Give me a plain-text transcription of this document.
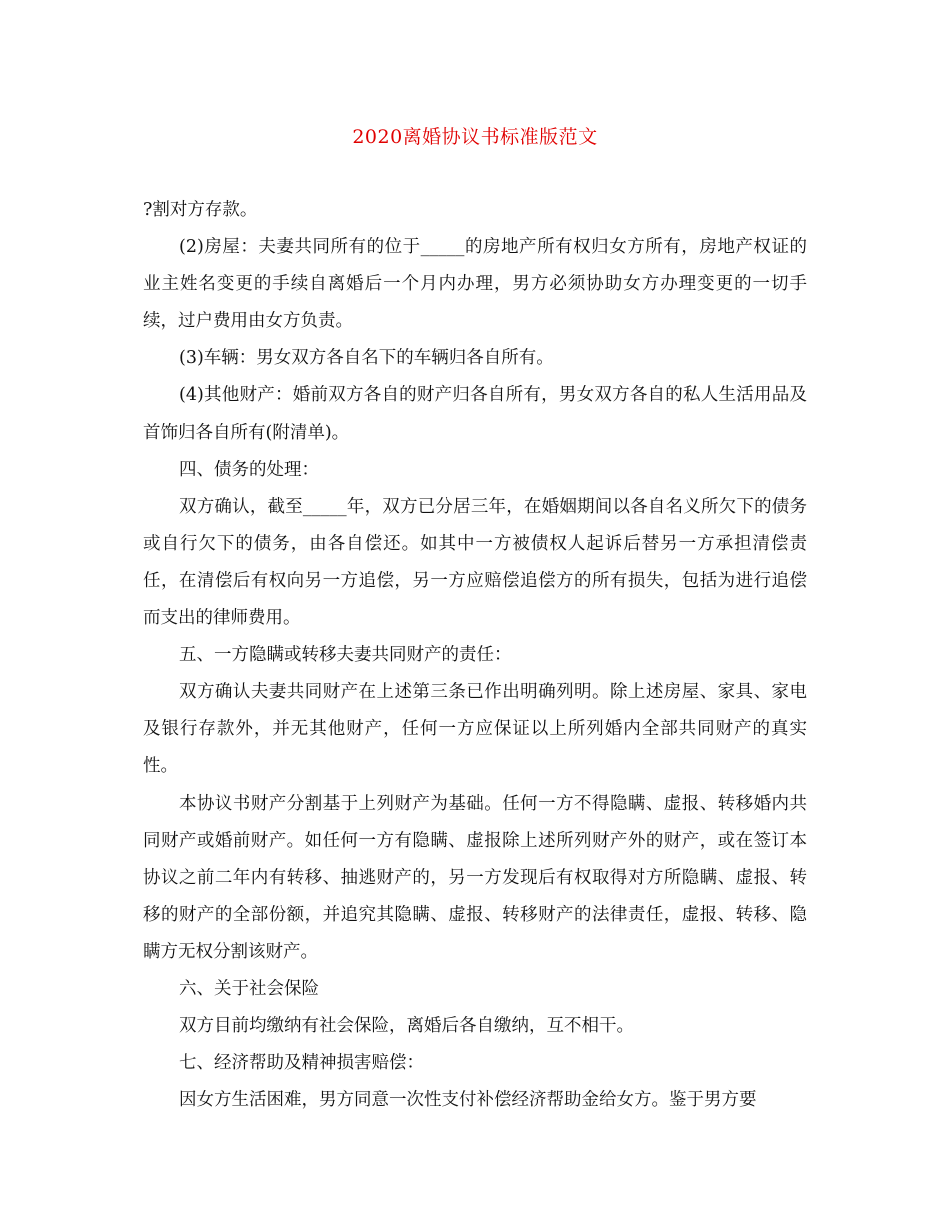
2020离婚协议书标准版范文

?割对方存款。

(2)房屋：夫妻共同所有的位于_____的房地产所有权归女方所有，房地产权证的业主姓名变更的手续自离婚后一个月内办理，男方必须协助女方办理变更的一切手续，过户费用由女方负责。

(3)车辆：男女双方各自名下的车辆归各自所有。

(4)其他财产：婚前双方各自的财产归各自所有，男女双方各自的私人生活用品及首饰归各自所有(附清单)。

四、债务的处理：

双方确认，截至_____年，双方已分居三年，在婚姻期间以各自名义所欠下的债务或自行欠下的债务，由各自偿还。如其中一方被债权人起诉后替另一方承担清偿责任，在清偿后有权向另一方追偿，另一方应赔偿追偿方的所有损失，包括为进行追偿而支出的律师费用。

五、一方隐瞒或转移夫妻共同财产的责任：

双方确认夫妻共同财产在上述第三条已作出明确列明。除上述房屋、家具、家电及银行存款外，并无其他财产，任何一方应保证以上所列婚内全部共同财产的真实性。

本协议书财产分割基于上列财产为基础。任何一方不得隐瞒、虚报、转移婚内共同财产或婚前财产。如任何一方有隐瞒、虚报除上述所列财产外的财产，或在签订本协议之前二年内有转移、抽逃财产的，另一方发现后有权取得对方所隐瞒、虚报、转移的财产的全部份额，并追究其隐瞒、虚报、转移财产的法律责任，虚报、转移、隐瞒方无权分割该财产。

六、关于社会保险

双方目前均缴纳有社会保险，离婚后各自缴纳，互不相干。

七、经济帮助及精神损害赔偿：

因女方生活困难，男方同意一次性支付补偿经济帮助金给女方。鉴于男方要
